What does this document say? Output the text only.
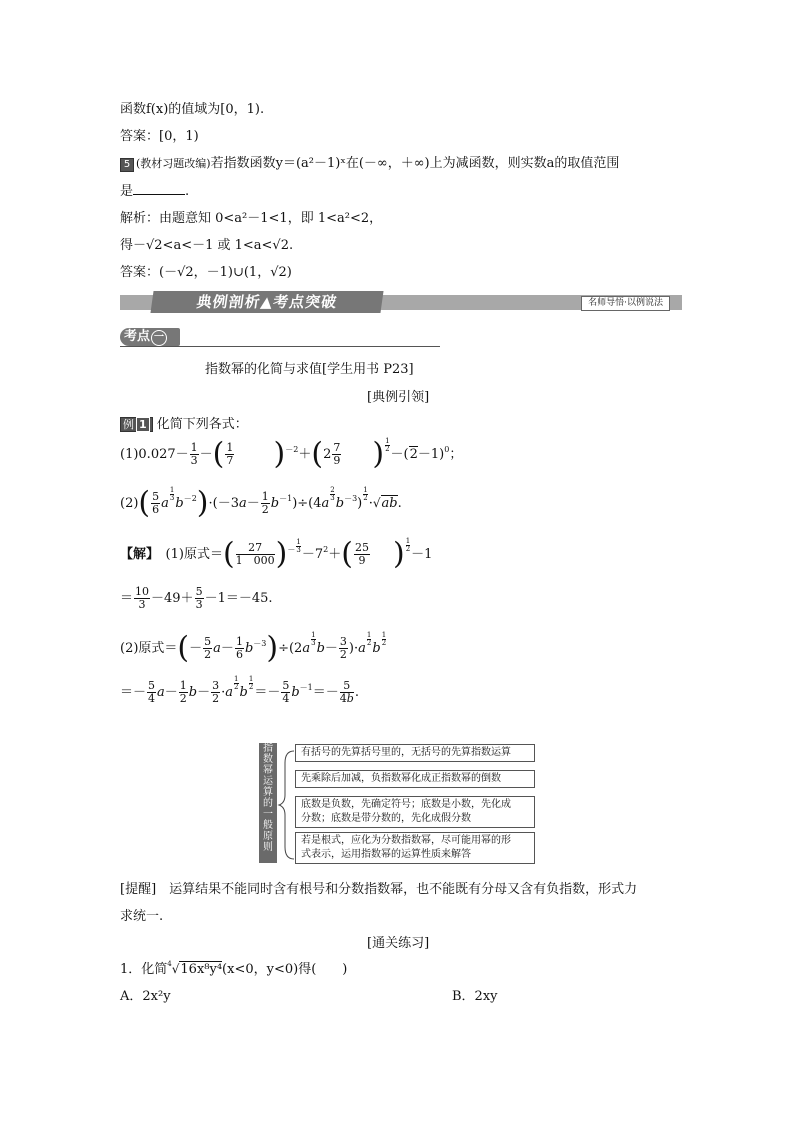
函数f(x)的值域为[0，1).
答案：[0，1)
5 (教材习题改编)若指数函数y＝(a²－1)ˣ在(－∞，＋∞)上为减函数，则实数a的取值范围
是	.
解析：由题意知 0<a²－1<1，即 1<a²<2，
得－√2<a<－1 或 1<a<√2.
答案：(－√2，－1)∪(1，√2)
典例剖析▲考点突破	名师导悟·以例说法
考点 一
指数幂的化简与求值[学生用书 P23]
[典例引领]
例 1 化简下列各式：
$(1)0.027- \frac{1}{3}$ －( $\frac{1}{7} )^{-2}+(2 \frac{7}{9}$ ) $\frac{1}{2}$
$-(2-1)^0$；
$(2)( \frac{5}{6}$ a
$\frac{1}{3}$
$b^{-2})\cdot(-3a- \frac{1}{2} b^{-1})\div(4a$
$\frac{2}{3}$
$b^{-3}$)
$\frac{1}{2}$
·√ab.
【解】　 (1)原式＝( $\frac{27}{1 000} )^{- \frac{1}{3}}$
$-7^2+( \frac{25}{9}$ ) $\frac{1}{2}$
－1
＝ $\frac{10}{3} -49+ \frac{5}{3} -1=-45$.
(2)原式＝(－ $\frac{5}{2} a- \frac{1}{6} b^{-3})\div(2a$
$\frac{1}{3}$
$b- \frac{3}{2} )\cdot a$
$\frac{1}{2}$
b
$\frac{1}{2}$
＝－ $\frac{5}{4} a- \frac{1}{2} b- \frac{3}{2} \cdot a$
$\frac{1}{2}$
b
$\frac{1}{2}$
＝－ $\frac{5}{4} b^{-1}=- \frac{5}{4b}$ .
指
数
幂
运
算
的
一
般
原
则
有括号的先算括号里的，无括号的先算指数运算
先乘除后加减，负指数幂化成正指数幂的倒数
底数是负数，先确定符号；底数是小数，先化成
分数；底数是带分数的，先化成假分数
若是根式，应化为分数指数幂，尽可能用幂的形
式表示，运用指数幂的运算性质来解答
[提醒]　 运算结果不能同时含有根号和分数指数幂，也不能既有分母又含有负指数，形式力
求统一.
[通关练习]
1．化简$^4$√16x⁸y⁴(x<0，y<0)得(　　)
A．2x²y	B．2xy
